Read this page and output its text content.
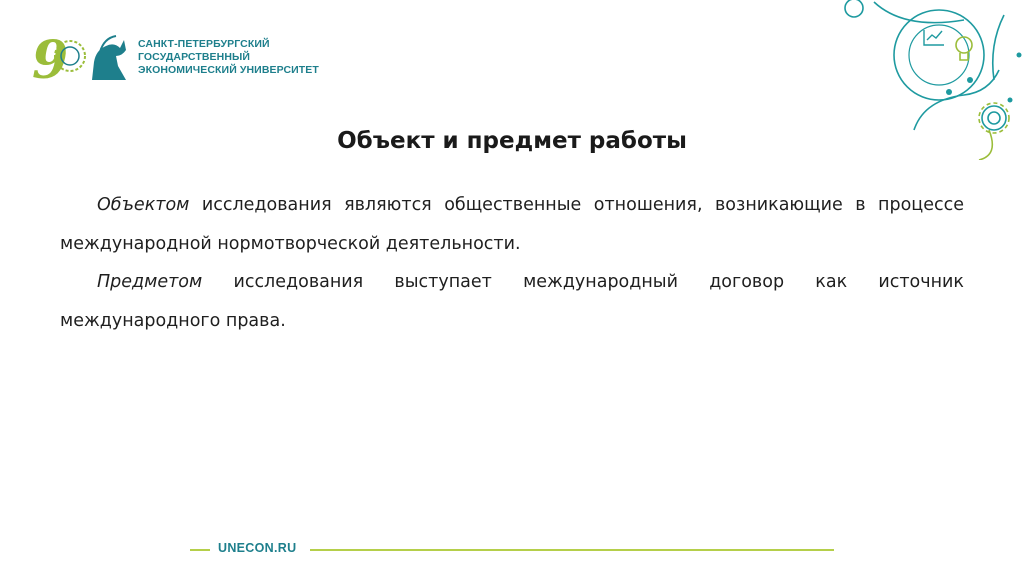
9	САНКТ-ПЕТЕРБУРГСКИЙ
ГОСУДАРСТВЕННЫЙ
ЭКОНОМИЧЕСКИЙ УНИВЕРСИТЕТ
Объект и предмет работы

Объектом исследования являются общественные отношения, возникающие в процессе международной нормотворческой деятельности.

Предметом исследования выступает международный договор как источник международного права.

UNECON.RU
